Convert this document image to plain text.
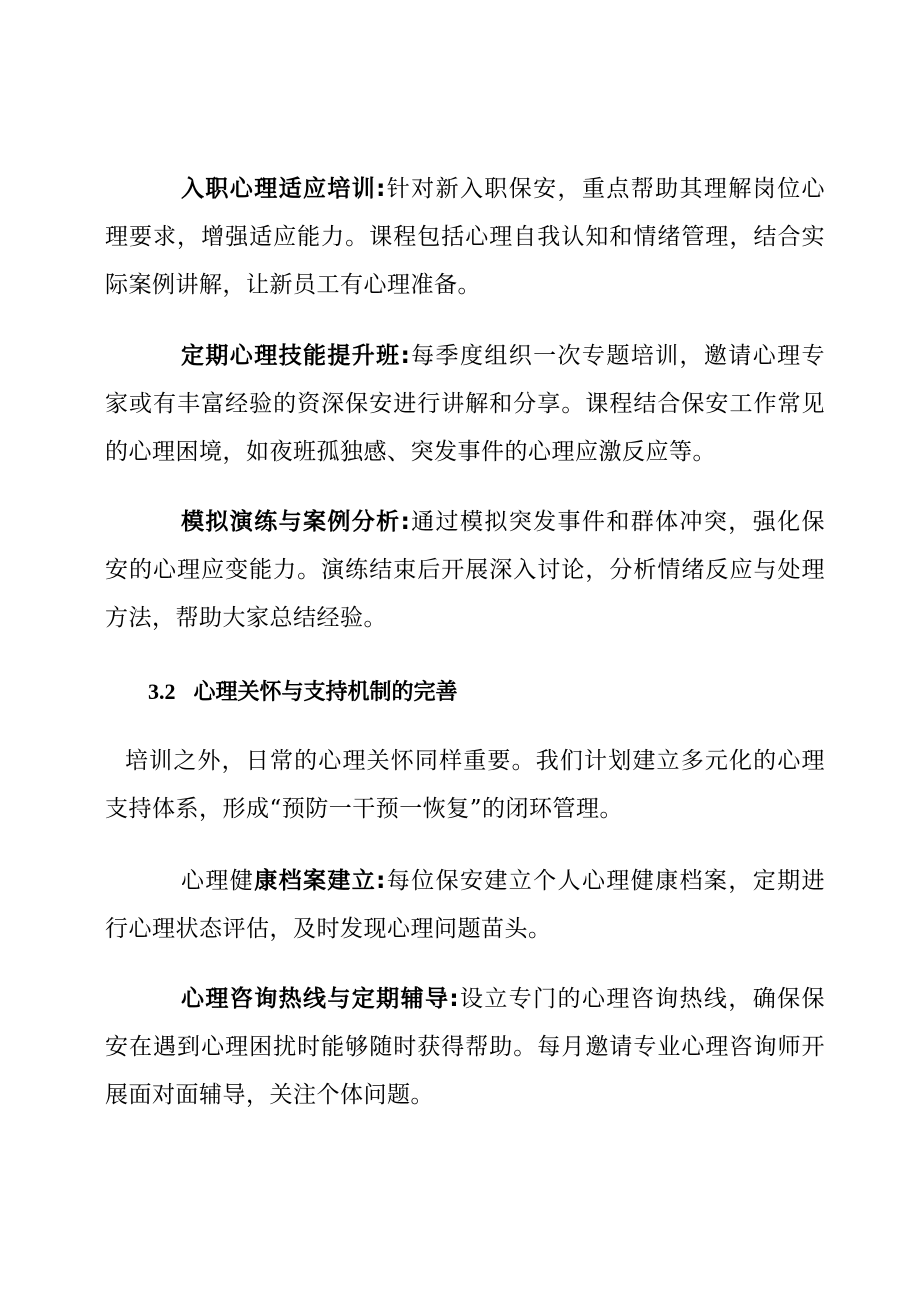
入职心理适应培训:针对新入职保安，重点帮助其理解岗位心理要求，增强适应能力。课程包括心理自我认知和情绪管理，结合实际案例讲解，让新员工有心理准备。

定期心理技能提升班:每季度组织一次专题培训，邀请心理专家或有丰富经验的资深保安进行讲解和分享。课程结合保安工作常见的心理困境，如夜班孤独感、突发事件的心理应激反应等。

模拟演练与案例分析:通过模拟突发事件和群体冲突，强化保安的心理应变能力。演练结束后开展深入讨论，分析情绪反应与处理方法，帮助大家总结经验。

3.2 心理关怀与支持机制的完善

培训之外，日常的心理关怀同样重要。我们计划建立多元化的心理支持体系，形成“预防一干预一恢复”的闭环管理。

心理健康档案建立:每位保安建立个人心理健康档案，定期进行心理状态评估，及时发现心理问题苗头。

心理咨询热线与定期辅导:设立专门的心理咨询热线，确保保安在遇到心理困扰时能够随时获得帮助。每月邀请专业心理咨询师开展面对面辅导，关注个体问题。
